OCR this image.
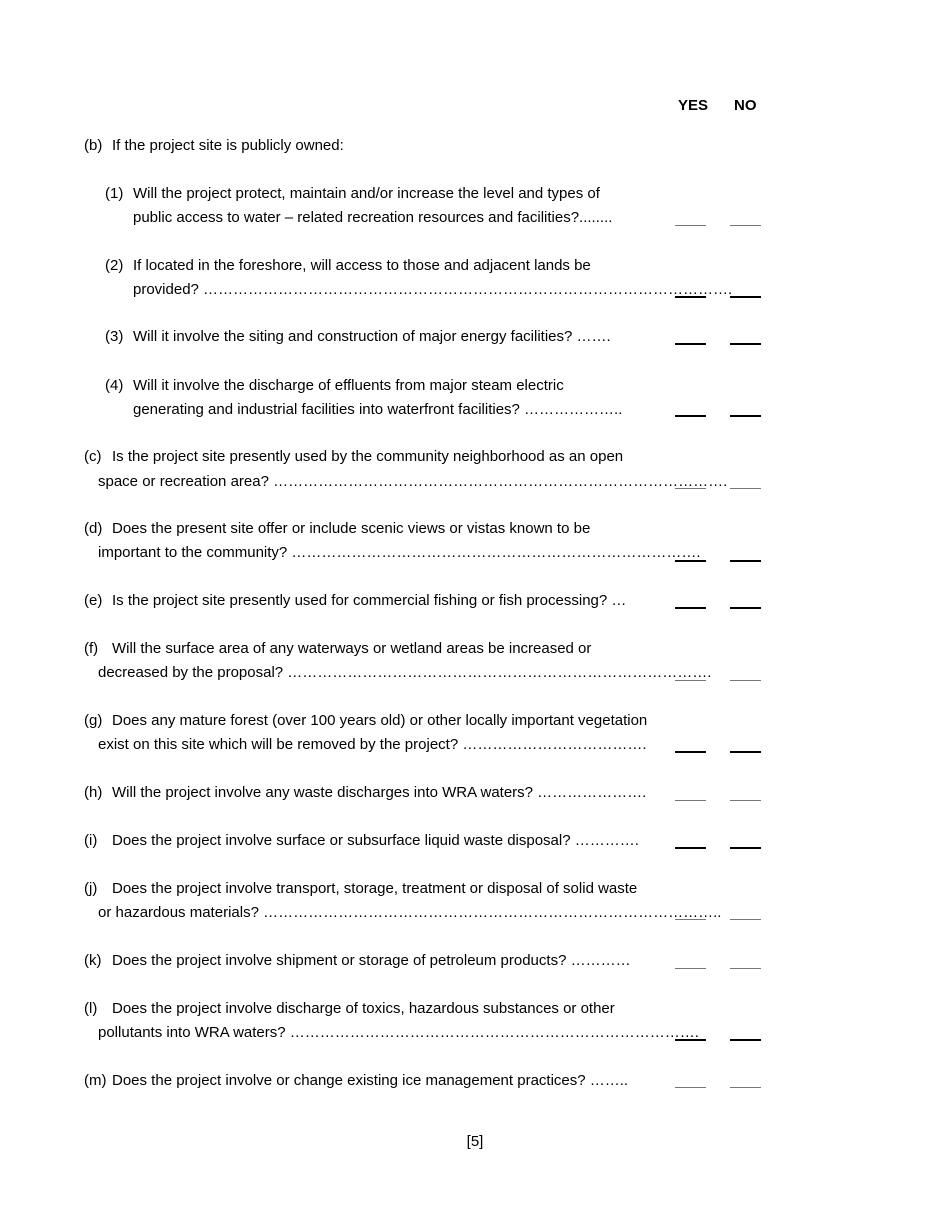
YES NO
(b) If the project site is publicly owned:
(1) Will the project protect, maintain and/or increase the level and types of
public access to water – related recreation resources and facilities?........
(2) If located in the foreshore, will access to those and adjacent lands be
provided? …………………………………………………………………………………………….
(3) Will it involve the siting and construction of major energy facilities? …….
(4) Will it involve the discharge of effluents from major steam electric
generating and industrial facilities into waterfront facilities? ………………..
(c) Is the project site presently used by the community neighborhood as an open
space or recreation area? ……………………………………………………………………………….
(d) Does the present site offer or include scenic views or vistas known to be
important to the community? ……………………………………………………………………….
(e) Is the project site presently used for commercial fishing or fish processing? …
(f) Will the surface area of any waterways or wetland areas be increased or
decreased by the proposal? ………………………………………………………………………….
(g) Does any mature forest (over 100 years old) or other locally important vegetation
exist on this site which will be removed by the project? ……………………………….
(h) Will the project involve any waste discharges into WRA waters? ………………….
(i) Does the project involve surface or subsurface liquid waste disposal? ………….
(j) Does the project involve transport, storage, treatment or disposal of solid waste
or hazardous materials? ………………………………………………………………………………..
(k) Does the project involve shipment or storage of petroleum products? …………
(l) Does the project involve discharge of toxics, hazardous substances or other
pollutants into WRA waters? ……………………………………………………………………….
(m) Does the project involve or change existing ice management practices? ……..
[5]
